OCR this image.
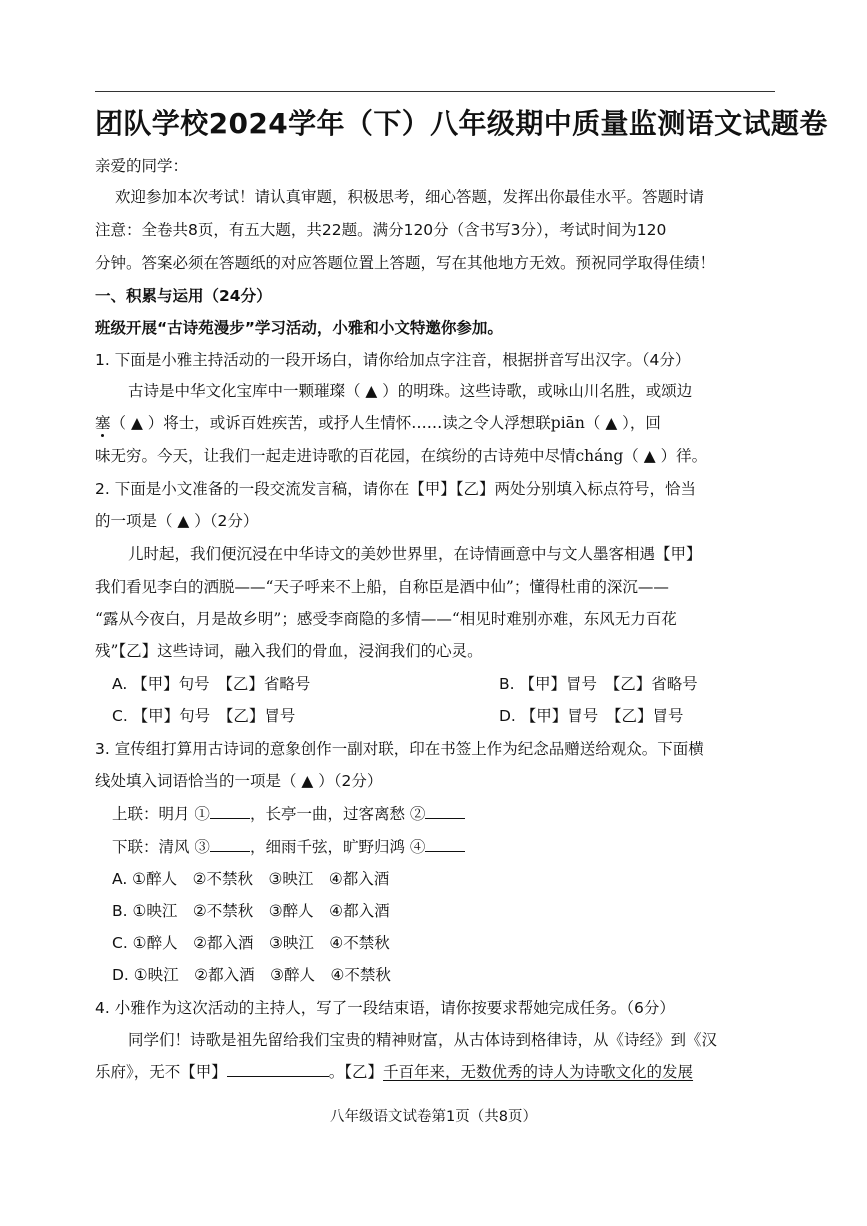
团队学校2024学年（下）八年级期中质量监测语文试题卷
亲爱的同学：
欢迎参加本次考试！请认真审题，积极思考，细心答题，发挥出你最佳水平。答题时请
注意：全卷共8页，有五大题，共22题。满分120分（含书写3分），考试时间为120
分钟。答案必须在答题纸的对应答题位置上答题，写在其他地方无效。预祝同学取得佳绩！
一、积累与运用（24分）
班级开展“古诗苑漫步”学习活动，小雅和小文特邀你参加。
1. 下面是小雅主持活动的一段开场白，请你给加点字注音，根据拼音写出汉字。（4分）
古诗是中华文化宝库中一颗璀璨（ ▲ ）的明珠。这些诗歌，或咏山川名胜，或颂边
塞（ ▲ ）将士，或诉百姓疾苦，或抒人生情怀……读之令人浮想联piān（ ▲ ），回
味无穷。今天，让我们一起走进诗歌的百花园，在缤纷的古诗苑中尽情cháng（ ▲ ）徉。
2. 下面是小文准备的一段交流发言稿，请你在【甲】【乙】两处分别填入标点符号，恰当
的一项是（ ▲ ）（2分）
儿时起，我们便沉浸在中华诗文的美妙世界里，在诗情画意中与文人墨客相遇【甲】
我们看见李白的洒脱——“天子呼来不上船，自称臣是酒中仙”；懂得杜甫的深沉——
“露从今夜白，月是故乡明”；感受李商隐的多情——“相见时难别亦难，东风无力百花
残”【乙】这些诗词，融入我们的骨血，浸润我们的心灵。
A. 【甲】句号　【乙】省略号	B. 【甲】冒号　【乙】省略号
C. 【甲】句号　【乙】冒号	D. 【甲】冒号　【乙】冒号
3. 宣传组打算用古诗词的意象创作一副对联，印在书签上作为纪念品赠送给观众。下面横
线处填入词语恰当的一项是（ ▲ ）（2分）
上联：明月 ①	，长亭一曲，过客离愁 ②
下联：清风 ③	，细雨千弦，旷野归鸿 ④
A. ①醉人　②不禁秋　③映江　④都入酒
B. ①映江　②不禁秋　③醉人　④都入酒
C. ①醉人　②都入酒　③映江　④不禁秋
D. ①映江　②都入酒　③醉人　④不禁秋
4. 小雅作为这次活动的主持人，写了一段结束语，请你按要求帮她完成任务。（6分）
同学们！诗歌是祖先留给我们宝贵的精神财富，从古体诗到格律诗，从《诗经》到《汉
乐府》，无不【甲】	。【乙】千百年来，无数优秀的诗人为诗歌文化的发展
八年级语文试卷第1页（共8页）
